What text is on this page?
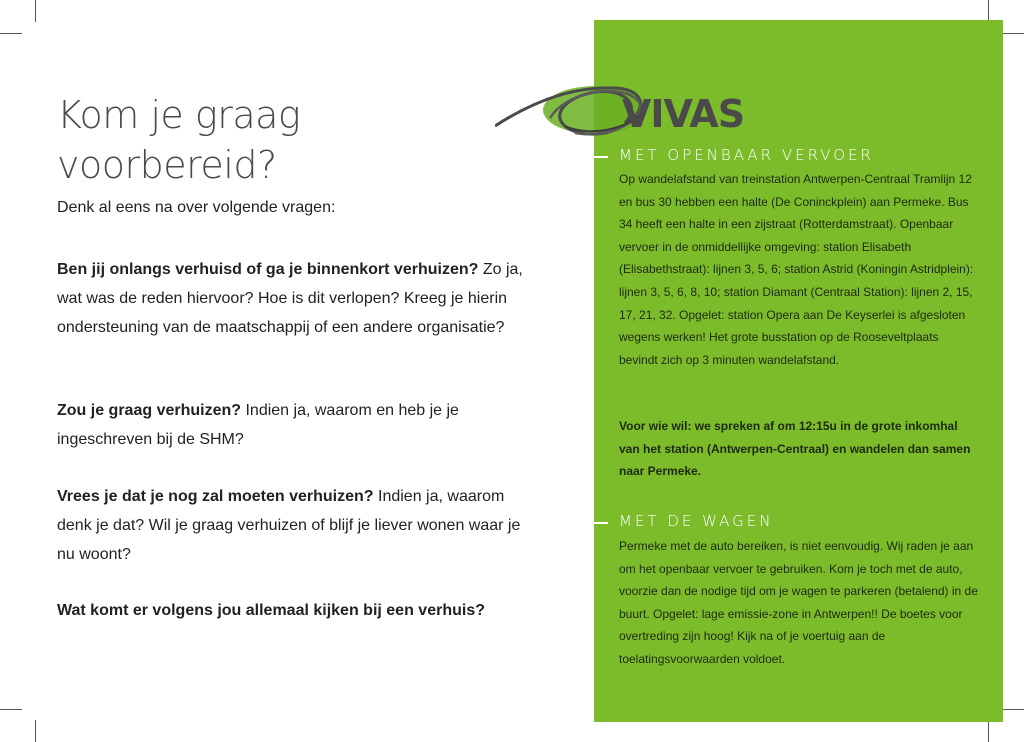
Kom je graag
voorbereid?

Denk al eens na over volgende vragen:

Ben jij onlangs verhuisd of ga je binnenkort verhuizen? Zo ja, wat was de reden hiervoor? Hoe is dit verlopen? Kreeg je hierin ondersteuning van de maatschappij of een andere organisatie?

Zou je graag verhuizen? Indien ja, waarom en heb je je ingeschreven bij de SHM?

Vrees je dat je nog zal moeten verhuizen? Indien ja, waarom denk je dat? Wil je graag verhuizen of blijf je liever wonen waar je nu woont?

Wat komt er volgens jou allemaal kijken bij een verhuis?

VIVAS
MET OPENBAAR VERVOER

Op wandelafstand van treinstation Antwerpen-Centraal Tramlijn 12 en bus 30 hebben een halte (De Coninckplein) aan Permeke. Bus 34 heeft een halte in een zijstraat (Rotterdamstraat). Openbaar vervoer in de onmiddellijke omgeving: station Elisabeth (Elisabethstraat): lijnen 3, 5, 6; station Astrid (Koningin Astridplein): lijnen 3, 5, 6, 8, 10; station Diamant (Centraal Station): lijnen 2, 15, 17, 21, 32. Opgelet: station Opera aan De Keyserlei is afgesloten wegens werken! Het grote busstation op de Rooseveltplaats bevindt zich op 3 minuten wandelafstand.

Voor wie wil: we spreken af om 12:15u in de grote inkomhal van het station (Antwerpen-Centraal) en wandelen dan samen naar Permeke.

MET DE WAGEN

Permeke met de auto bereiken, is niet eenvoudig. Wij raden je aan om het openbaar vervoer te gebruiken. Kom je toch met de auto, voorzie dan de nodige tijd om je wagen te parkeren (betalend) in de buurt. Opgelet: lage emissie-zone in Antwerpen!! De boetes voor overtreding zijn hoog! Kijk na of je voertuig aan de toelatingsvoorwaarden voldoet.
